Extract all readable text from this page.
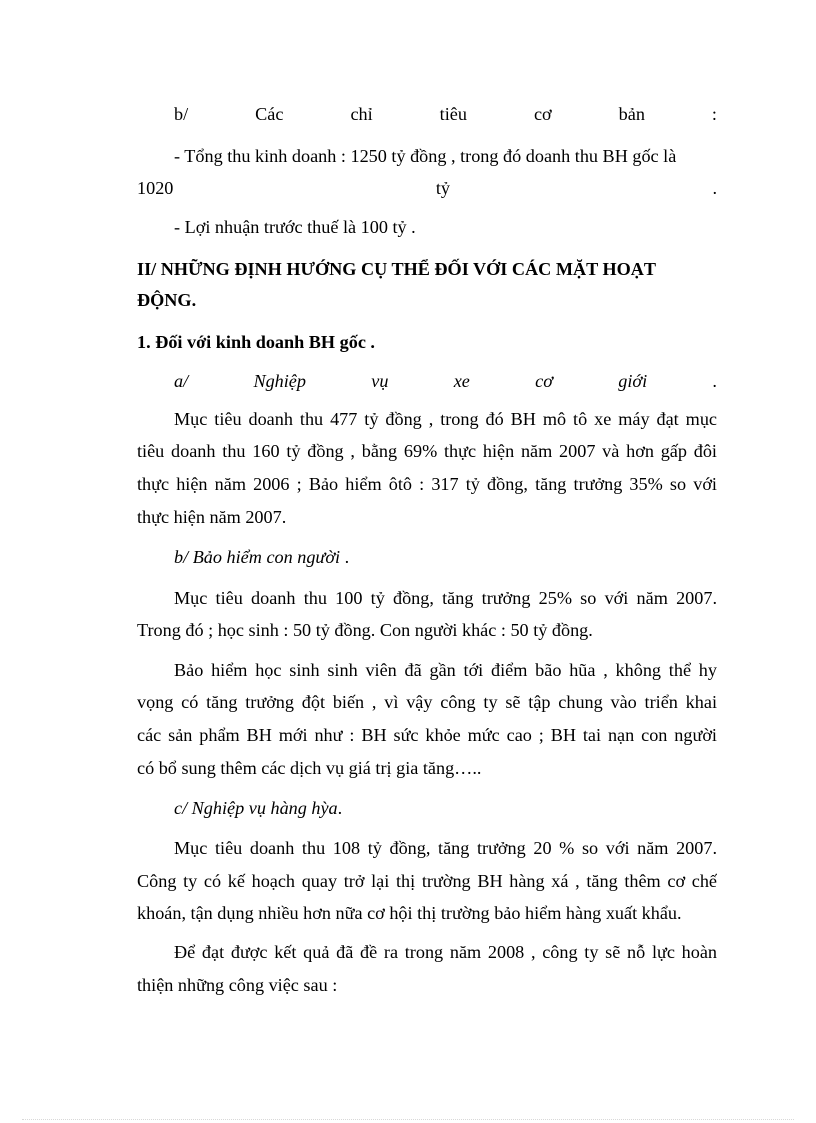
b/	Các	chỉ	tiêu	cơ	bản	:
- Tổng thu kinh doanh : 1250 tỷ đồng , trong đó doanh thu BH gốc là
1020	tỷ	.
- Lợi nhuận trước thuế là 100 tỷ .
II/ NHỮNG ĐỊNH HƯỚNG CỤ THỂ ĐỐI VỚI CÁC MẶT HOẠT
ĐỘNG.
1. Đối với kinh doanh BH gốc .
a/	Nghiệp	vụ	xe	cơ	giới	.
Mục tiêu doanh thu 477 tỷ đồng , trong đó BH mô tô xe máy đạt mục
tiêu doanh thu 160 tỷ đồng , bằng 69% thực hiện năm 2007 và hơn gấp đôi
thực hiện năm 2006 ; Bảo hiểm ôtô : 317 tỷ đồng, tăng trưởng 35% so với
thực hiện năm 2007.
b/ Bảo hiểm con người .
Mục tiêu doanh thu 100 tỷ đồng, tăng trưởng 25% so với năm 2007.
Trong đó ; học sinh : 50 tỷ đồng. Con người khác : 50 tỷ đồng.
Bảo hiểm học sinh sinh viên đã gần tới điểm bão hũa , không thể hy
vọng có tăng trưởng đột biến , vì vậy công ty sẽ tập chung vào triển khai
các sản phẩm BH mới như : BH sức khỏe mức cao ; BH tai nạn con người
có bổ sung thêm các dịch vụ giá trị gia tăng…..
c/ Nghiệp vụ hàng hỳa.
Mục tiêu doanh thu 108 tỷ đồng, tăng trưởng 20 % so với năm 2007.
Công ty có kế hoạch quay trở lại thị trường BH hàng xá , tăng thêm cơ chế
khoán, tận dụng nhiều hơn nữa cơ hội thị trường bảo hiểm hàng xuất khẩu.
Để đạt được kết quả đã đề ra trong năm 2008 , công ty sẽ nỗ lực hoàn
thiện những công việc sau :
